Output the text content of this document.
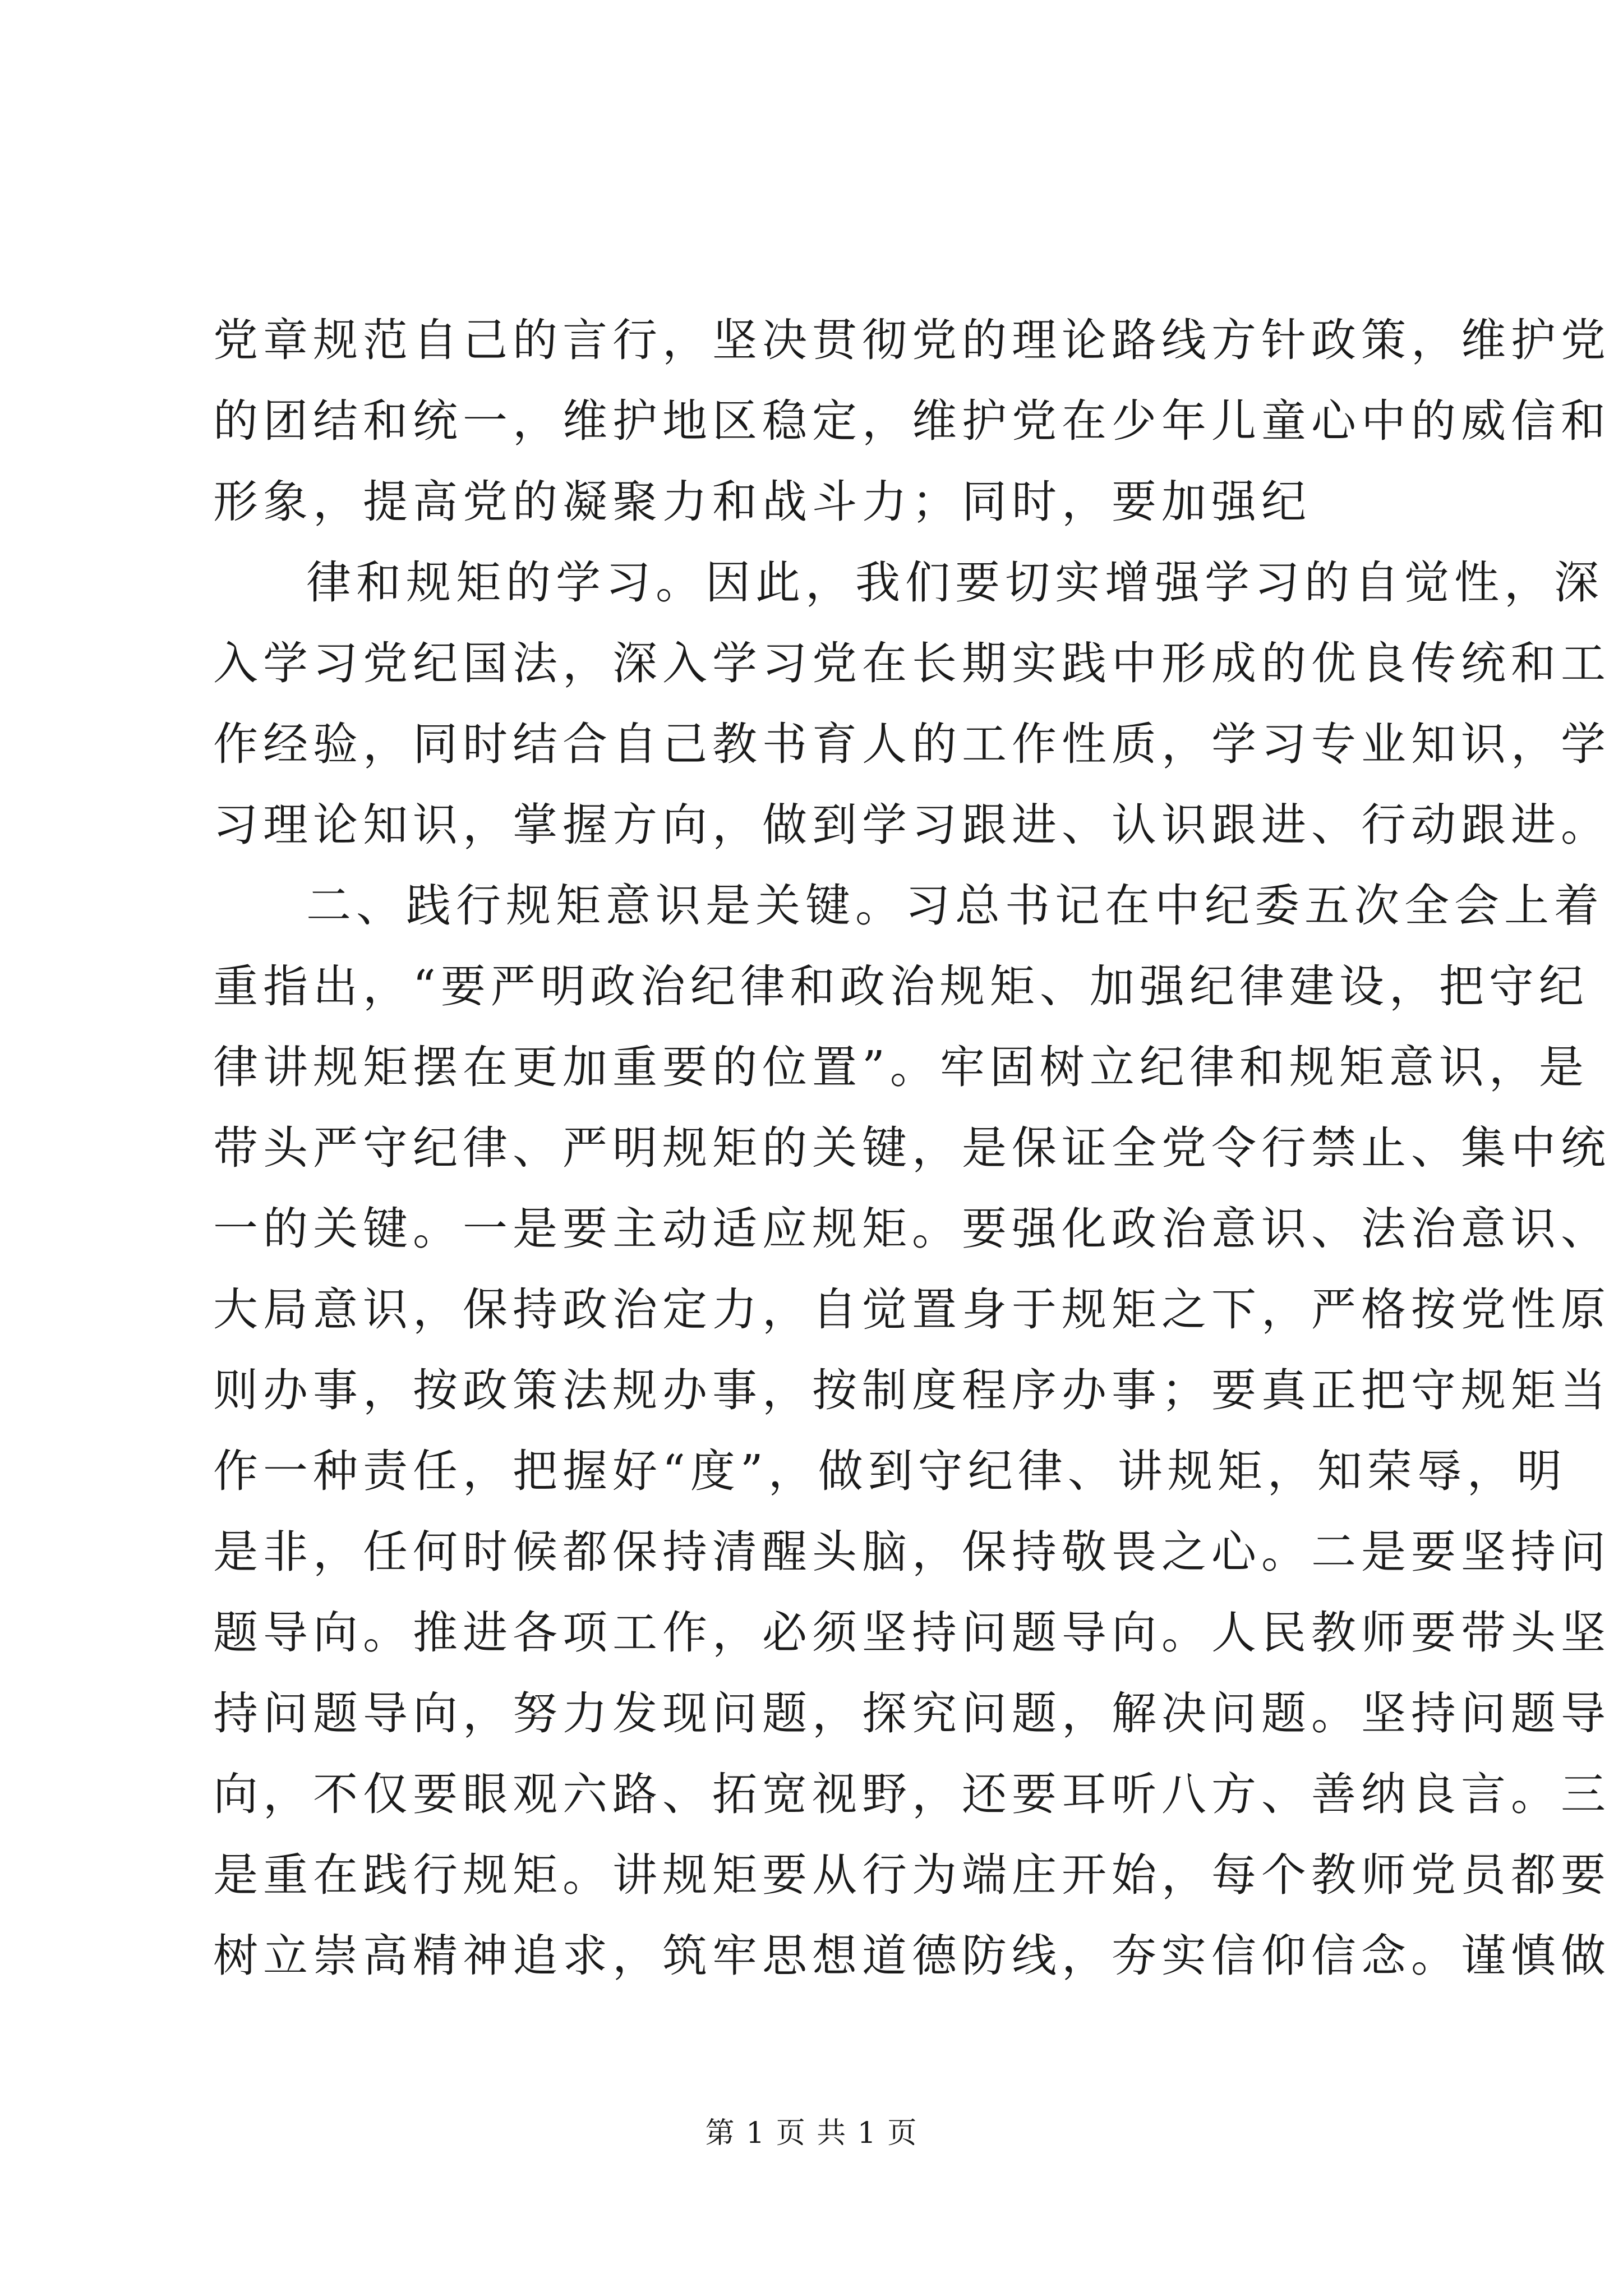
党章规范自己的言行，坚决贯彻党的理论路线方针政策，维护党
的团结和统一，维护地区稳定，维护党在少年儿童心中的威信和
形象，提高党的凝聚力和战斗力；同时，要加强纪
律和规矩的学习。因此，我们要切实增强学习的自觉性，深
入学习党纪国法，深入学习党在长期实践中形成的优良传统和工
作经验，同时结合自己教书育人的工作性质，学习专业知识，学
习理论知识，掌握方向，做到学习跟进、认识跟进、行动跟进。
二、践行规矩意识是关键。习总书记在中纪委五次全会上着
重指出，“要严明政治纪律和政治规矩、加强纪律建设，把守纪
律讲规矩摆在更加重要的位置”。牢固树立纪律和规矩意识，是
带头严守纪律、严明规矩的关键，是保证全党令行禁止、集中统
一的关键。一是要主动适应规矩。要强化政治意识、法治意识、
大局意识，保持政治定力，自觉置身于规矩之下，严格按党性原
则办事，按政策法规办事，按制度程序办事；要真正把守规矩当
作一种责任，把握好“度”，做到守纪律、讲规矩，知荣辱，明
是非，任何时候都保持清醒头脑，保持敬畏之心。二是要坚持问
题导向。推进各项工作，必须坚持问题导向。人民教师要带头坚
持问题导向，努力发现问题，探究问题，解决问题。坚持问题导
向，不仅要眼观六路、拓宽视野，还要耳听八方、善纳良言。三
是重在践行规矩。讲规矩要从行为端庄开始，每个教师党员都要
树立崇高精神追求，筑牢思想道德防线，夯实信仰信念。谨慎做
第 1 页 共 1 页
